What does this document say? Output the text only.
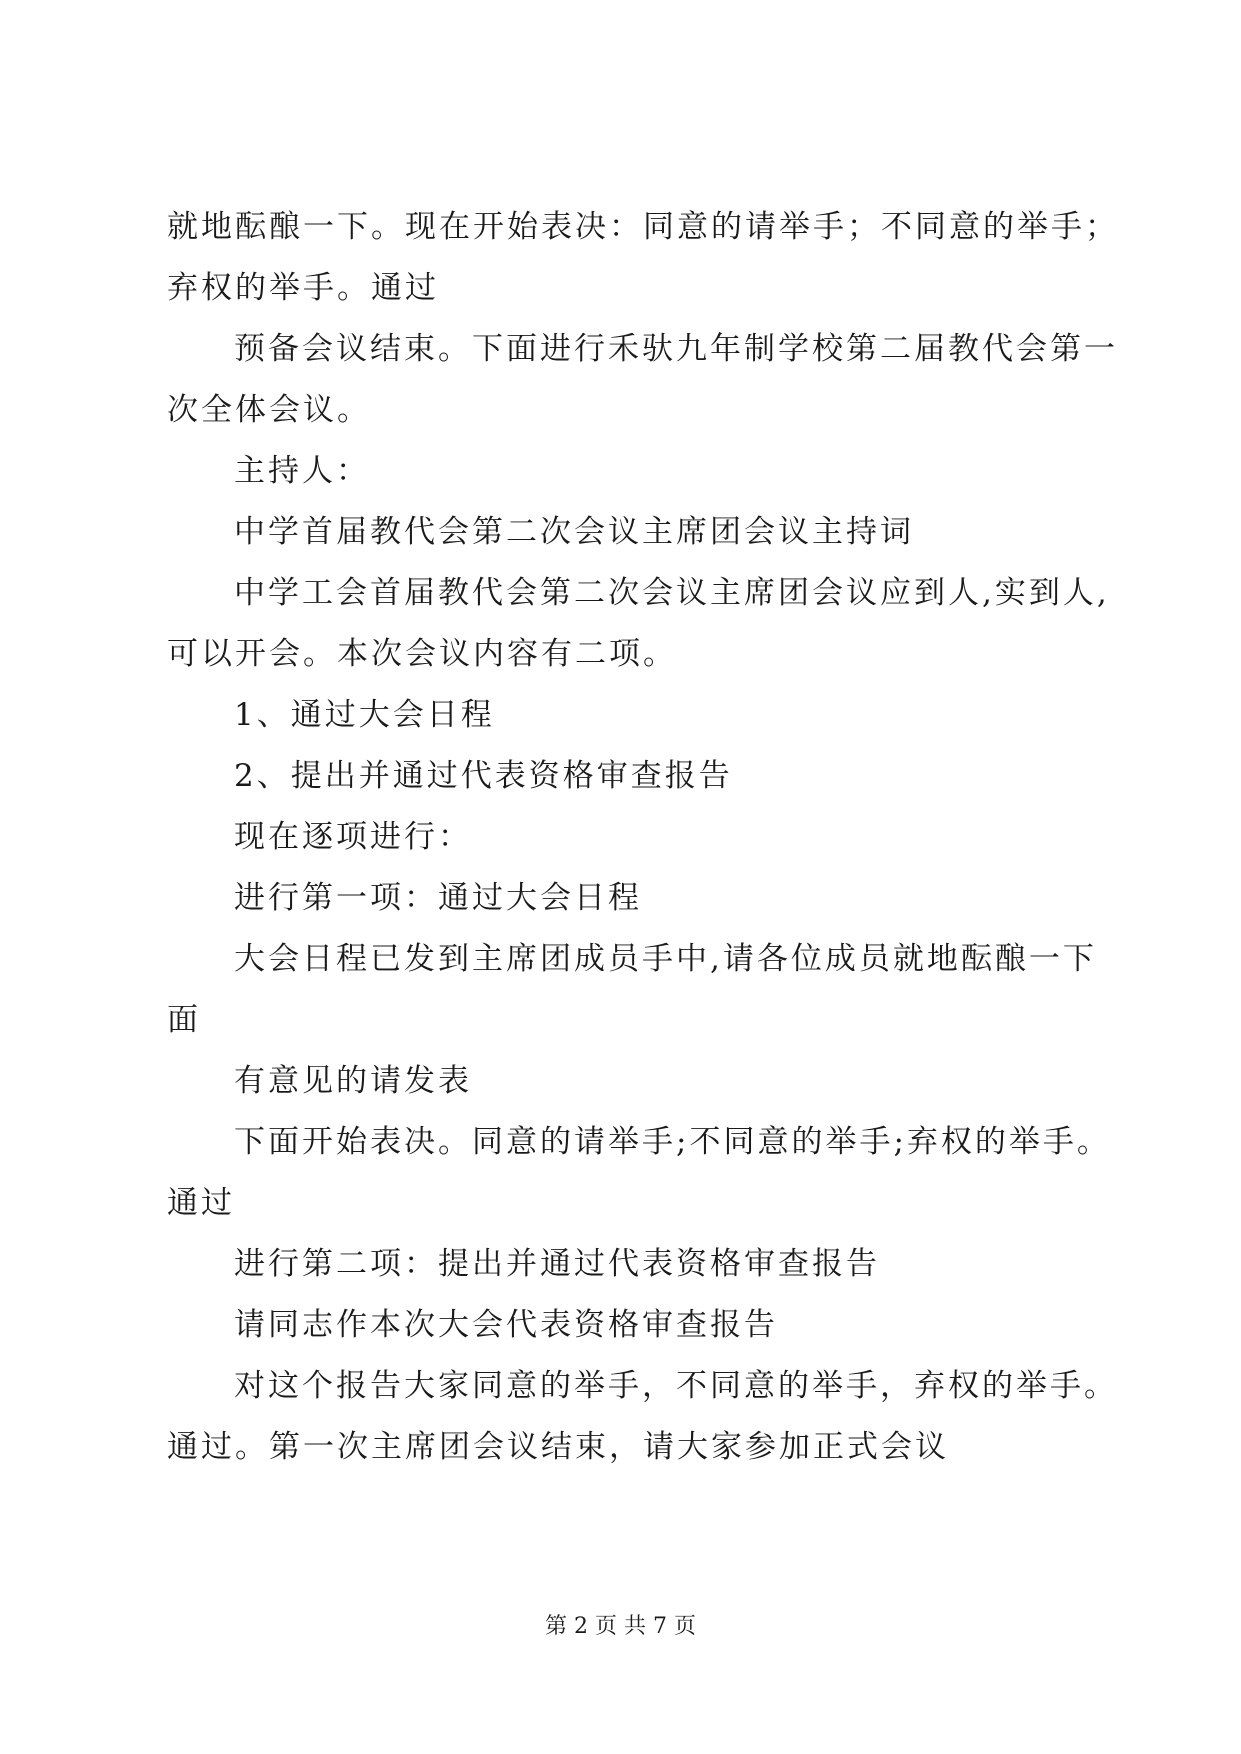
就地酝酿一下。现在开始表决：同意的请举手；不同意的举手；
弃权的举手。通过
预备会议结束。下面进行禾驮九年制学校第二届教代会第一
次全体会议。
主持人：
中学首届教代会第二次会议主席团会议主持词
中学工会首届教代会第二次会议主席团会议应到人,实到人,
可以开会。本次会议内容有二项。
1、通过大会日程
2、提出并通过代表资格审查报告
现在逐项进行：
进行第一项：通过大会日程
大会日程已发到主席团成员手中,请各位成员就地酝酿一下
面
有意见的请发表
下面开始表决。同意的请举手;不同意的举手;弃权的举手。
通过
进行第二项：提出并通过代表资格审查报告
请同志作本次大会代表资格审查报告
对这个报告大家同意的举手，不同意的举手，弃权的举手。
通过。第一次主席团会议结束，请大家参加正式会议
第 2 页 共 7 页
